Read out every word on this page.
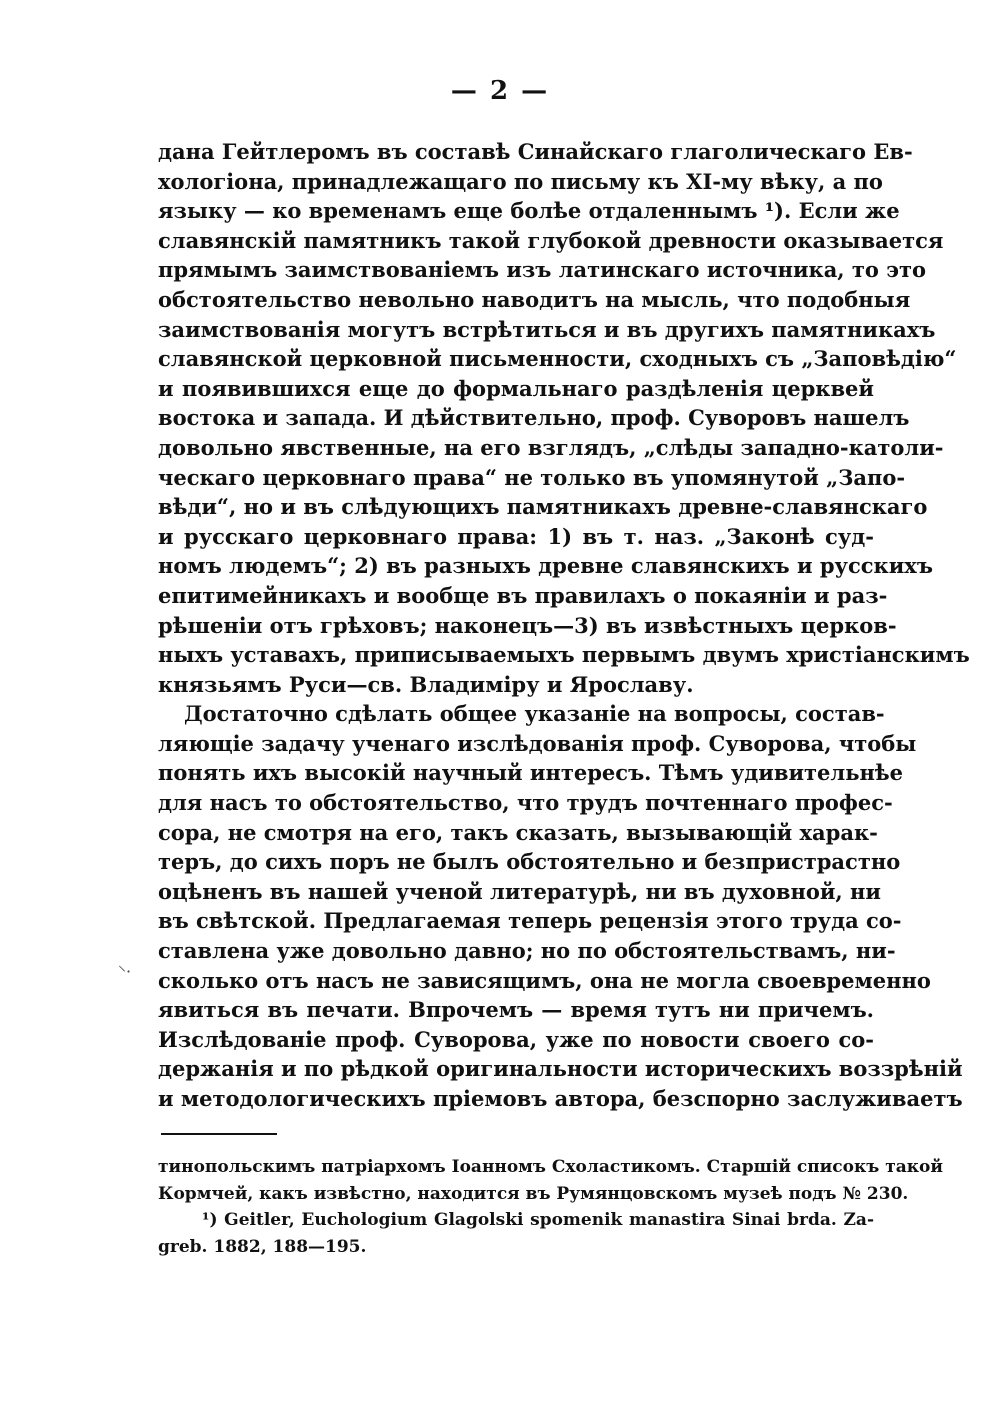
— 2 —
дана Гейтлеромъ въ составѣ Синайскаго глаголическаго Ев-
хологіона, принадлежащаго по письму къ XI-му вѣку, а по
языку — ко временамъ еще болѣе отдаленнымъ ¹). Если же
славянскій памятникъ такой глубокой древности оказывается
прямымъ заимствованіемъ изъ латинскаго источника, то это
обстоятельство невольно наводитъ на мысль, что подобныя
заимствованія могутъ встрѣтиться и въ другихъ памятникахъ
славянской церковной письменности, сходныхъ съ „Заповѣдію“
и появившихся еще до формальнаго раздѣленія церквей
востока и запада. И дѣйствительно, проф. Суворовъ нашелъ
довольно явственные, на его взглядъ, „слѣды западно-католи-
ческаго церковнаго права“ не только въ упомянутой „Запо-
вѣди“, но и въ слѣдующихъ памятникахъ древне-славянскаго
и русскаго церковнаго права: 1) въ т. наз. „Законѣ суд-
номъ людемъ“; 2) въ разныхъ древне славянскихъ и русскихъ
епитимейникахъ и вообще въ правилахъ о покаяніи и раз-
рѣшеніи отъ грѣховъ; наконецъ—3) въ извѣстныхъ церков-
ныхъ уставахъ, приписываемыхъ первымъ двумъ христіанскимъ
князьямъ Руси—св. Владиміру и Ярославу.
Достаточно сдѣлать общее указаніе на вопросы, состав-
ляющіе задачу ученаго изслѣдованія проф. Суворова, чтобы
понять ихъ высокій научный интересъ. Тѣмъ удивительнѣе
для насъ то обстоятельство, что трудъ почтеннаго профес-
сора, не смотря на его, такъ сказать, вызывающій харак-
теръ, до сихъ поръ не былъ обстоятельно и безпристрастно
оцѣненъ въ нашей ученой литературѣ, ни въ духовной, ни
въ свѣтской. Предлагаемая теперь рецензія этого труда со-
ставлена уже довольно давно; но по обстоятельствамъ, ни-
сколько отъ насъ не зависящимъ, она не могла своевременно
явиться въ печати. Впрочемъ — время тутъ ни причемъ.
Изслѣдованіе проф. Суворова, уже по новости своего со-
держанія и по рѣдкой оригинальности историческихъ воззрѣній
и методологическихъ пріемовъ автора, безспорно заслуживаетъ
⸌·
тинопольскимъ патріархомъ Іоанномъ Схоластикомъ. Старшій списокъ такой
Кормчей, какъ извѣстно, находится въ Румянцовскомъ музеѣ подъ № 230.
¹) Geitler, Euchologium Glagolski spomenik manastira Sinai brda. Za-
greb. 1882, 188—195.
